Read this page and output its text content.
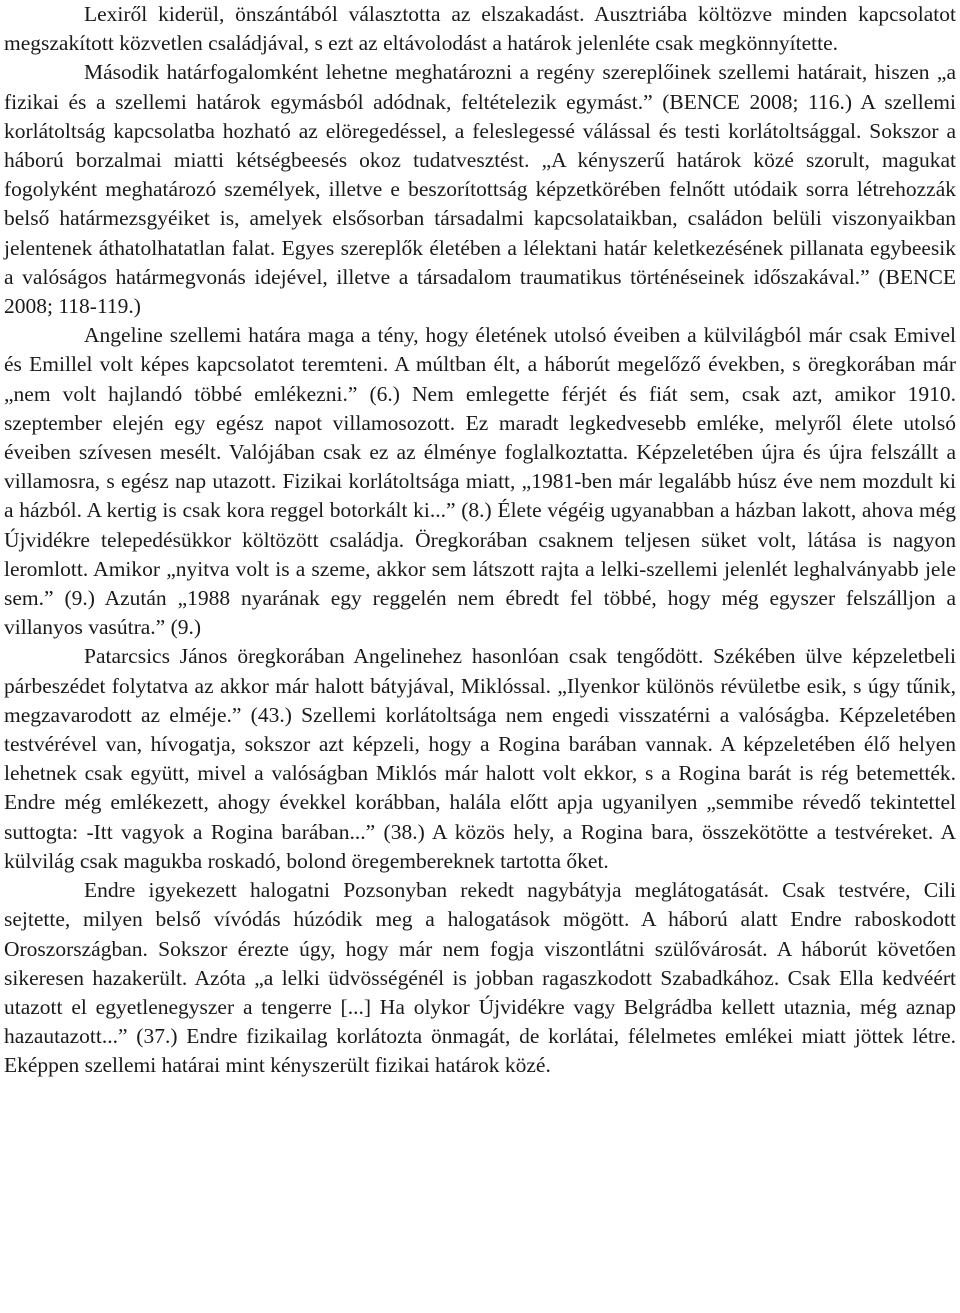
Lexiről kiderül, önszántából választotta az elszakadást. Ausztriába költözve minden kapcsolatot megszakított közvetlen családjával, s ezt az eltávolodást a határok jelenléte csak megkönnyítette.

Második határfogalomként lehetne meghatározni a regény szereplőinek szellemi határait, hiszen „a fizikai és a szellemi határok egymásból adódnak, feltételezik egymást.” (BENCE 2008; 116.) A szellemi korlátoltság kapcsolatba hozható az elöregedéssel, a feleslegessé válással és testi korlátoltsággal. Sokszor a háború borzalmai miatti kétségbeesés okoz tudatvesztést. „A kényszerű határok közé szorult, magukat fogolyként meghatározó személyek, illetve e beszorítottság képzetkörében felnőtt utódaik sorra létrehozzák belső határmezsgyéiket is, amelyek elsősorban társadalmi kapcsolataikban, családon belüli viszonyaikban jelentenek áthatolhatatlan falat. Egyes szereplők életében a lélektani határ keletkezésének pillanata egybeesik a valóságos határmegvonás idejével, illetve a társadalom traumatikus történéseinek időszakával.” (BENCE 2008; 118-119.)

Angeline szellemi határa maga a tény, hogy életének utolsó éveiben a külvilágból már csak Emivel és Emillel volt képes kapcsolatot teremteni. A múltban élt, a háborút megelőző években, s öregkorában már „nem volt hajlandó többé emlékezni.” (6.) Nem emlegette férjét és fiát sem, csak azt, amikor 1910. szeptember elején egy egész napot villamosozott. Ez maradt legkedvesebb emléke, melyről élete utolsó éveiben szívesen mesélt. Valójában csak ez az élménye foglalkoztatta. Képzeletében újra és újra felszállt a villamosra, s egész nap utazott. Fizikai korlátoltsága miatt, „1981-ben már legalább húsz éve nem mozdult ki a házból. A kertig is csak kora reggel botorkált ki...” (8.) Élete végéig ugyanabban a házban lakott, ahova még Újvidékre telepedésükkor költözött családja. Öregkorában csaknem teljesen süket volt, látása is nagyon leromlott. Amikor „nyitva volt is a szeme, akkor sem látszott rajta a lelki-szellemi jelenlét leghalványabb jele sem.” (9.) Azután „1988 nyarának egy reggelén nem ébredt fel többé, hogy még egyszer felszálljon a villanyos vasútra.” (9.)

Patarcsics János öregkorában Angelinehez hasonlóan csak tengődött. Székében ülve képzeletbeli párbeszédet folytatva az akkor már halott bátyjával, Miklóssal. „Ilyenkor különös révületbe esik, s úgy tűnik, megzavarodott az elméje.” (43.) Szellemi korlátoltsága nem engedi visszatérni a valóságba. Képzeletében testvérével van, hívogatja, sokszor azt képzeli, hogy a Rogina barában vannak. A képzeletében élő helyen lehetnek csak együtt, mivel a valóságban Miklós már halott volt ekkor, s a Rogina barát is rég betemették. Endre még emlékezett, ahogy évekkel korábban, halála előtt apja ugyanilyen „semmibe révedő tekintettel suttogta: -Itt vagyok a Rogina barában...” (38.) A közös hely, a Rogina bara, összekötötte a testvéreket. A külvilág csak magukba roskadó, bolond öregembereknek tartotta őket.

Endre igyekezett halogatni Pozsonyban rekedt nagybátyja meglátogatását. Csak testvére, Cili sejtette, milyen belső vívódás húzódik meg a halogatások mögött. A háború alatt Endre raboskodott Oroszországban. Sokszor érezte úgy, hogy már nem fogja viszontlátni szülővárosát. A háborút követően sikeresen hazakerült. Azóta „a lelki üdvösségénél is jobban ragaszkodott Szabadkához. Csak Ella kedvéért utazott el egyetlenegyszer a tengerre [...] Ha olykor Újvidékre vagy Belgrádba kellett utaznia, még aznap hazautazott...” (37.) Endre fizikailag korlátozta önmagát, de korlátai, félelmetes emlékei miatt jöttek létre. Eképpen szellemi határai mint kényszerült fizikai határok közé.
